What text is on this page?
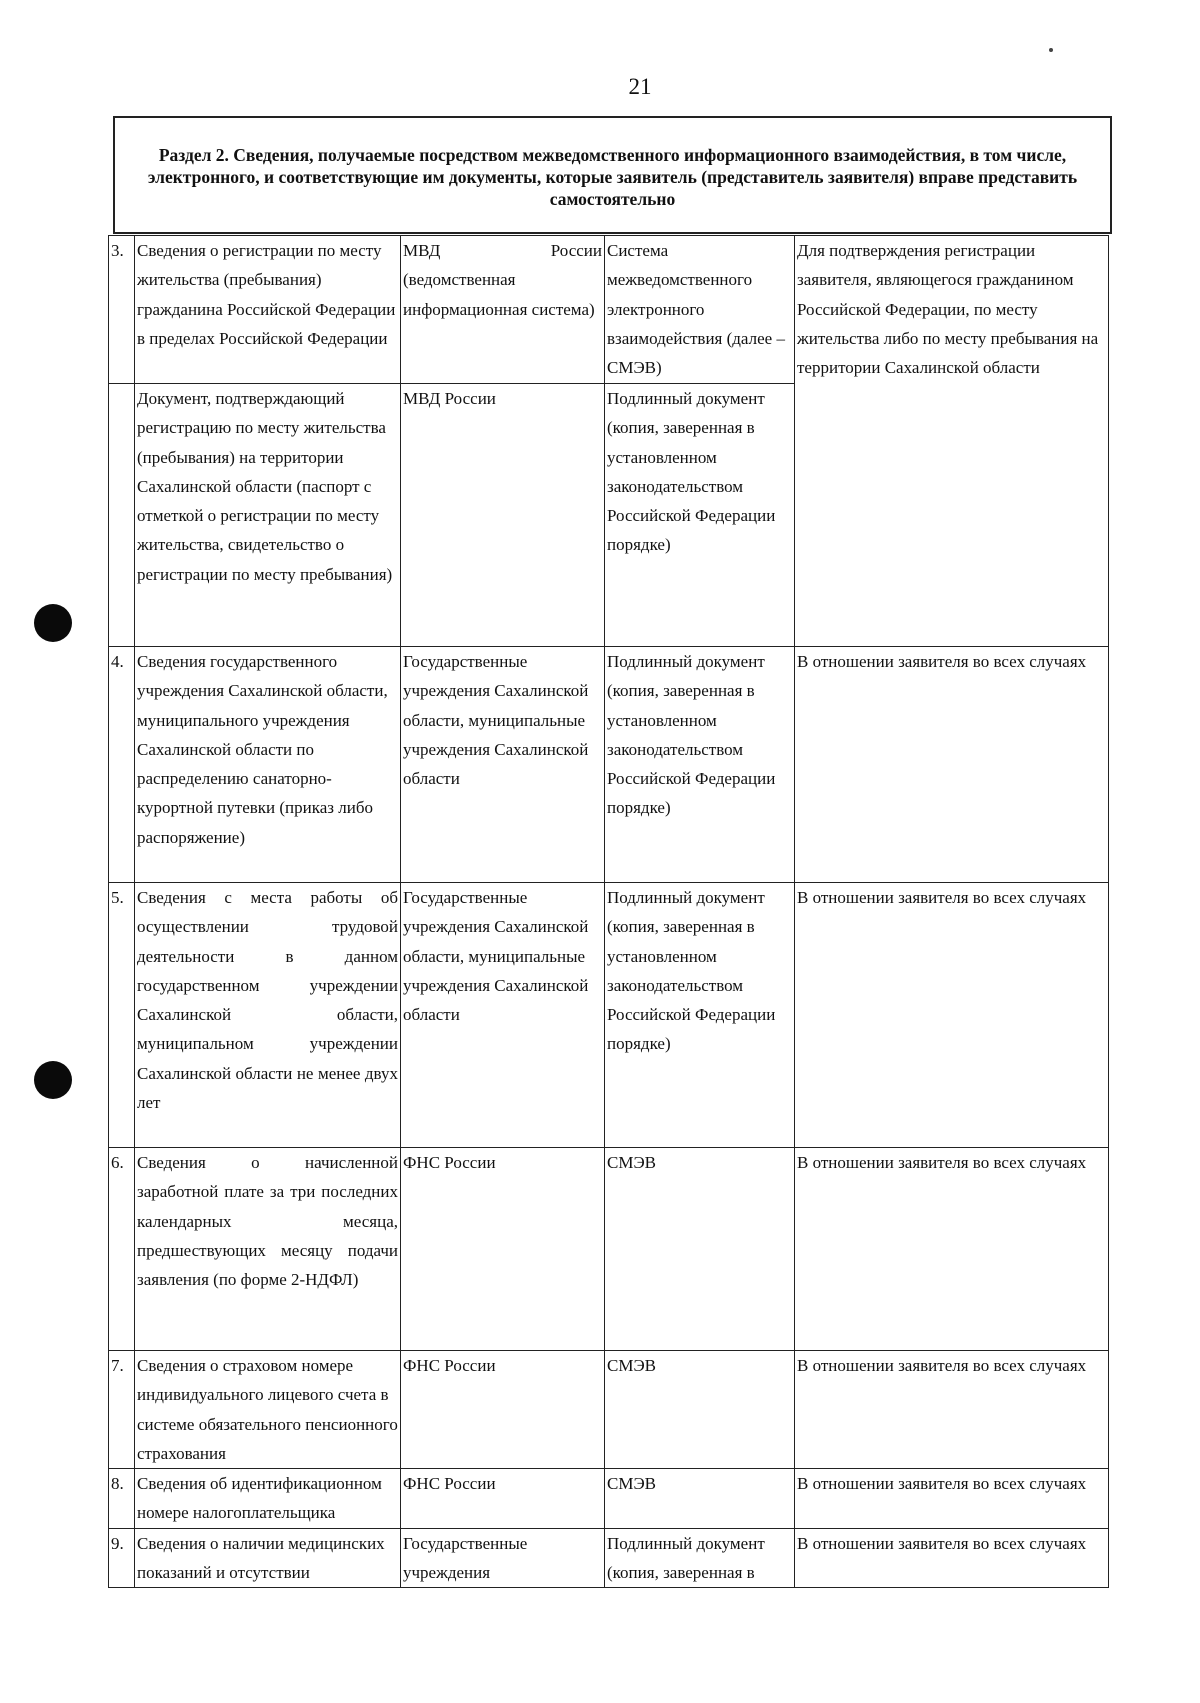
21
Раздел 2. Сведения, получаемые посредством межведомственного информационного взаимодействия, в том числе, электронного, и соответствующие им документы, которые заявитель (представитель заявителя) вправе представить самостоятельно
3.	Сведения о регистрации по месту жительства (пребывания) гражданина Российской Федерации в пределах Российской Федерации	МВД России (ведомственная информационная система)	Система межведомственного электронного взаимодействия (далее – СМЭВ)	Для подтверждения регистрации заявителя, являющегося гражданином Российской Федерации, по месту жительства либо по месту пребывания на территории Сахалинской области
	Документ, подтверждающий регистрацию по месту жительства (пребывания) на территории Сахалинской области (паспорт с отметкой о регистрации по месту жительства, свидетельство о регистрации по месту пребывания)	МВД России	Подлинный документ (копия, заверенная в установленном законодательством Российской Федерации порядке)	
4.	Сведения государственного учреждения Сахалинской области, муниципального учреждения Сахалинской области по распределению санаторно-курортной путевки (приказ либо распоряжение)	Государственные учреждения Сахалинской области, муниципальные учреждения Сахалинской области	Подлинный документ (копия, заверенная в установленном законодательством Российской Федерации порядке)	В отношении заявителя во всех случаях
5.	Сведения с места работы об осуществлении трудовой деятельности в данном государственном учреждении Сахалинской области, муниципальном учреждении Сахалинской области не менее двух лет	Государственные учреждения Сахалинской области, муниципальные учреждения Сахалинской области	Подлинный документ (копия, заверенная в установленном законодательством Российской Федерации порядке)	В отношении заявителя во всех случаях
6.	Сведения о начисленной заработной плате за три последних календарных месяца, предшествующих месяцу подачи заявления (по форме 2-НДФЛ)	ФНС России	СМЭВ	В отношении заявителя во всех случаях
7.	Сведения о страховом номере индивидуального лицевого счета в системе обязательного пенсионного страхования	ФНС России	СМЭВ	В отношении заявителя во всех случаях
8.	Сведения об идентификационном номере налогоплательщика	ФНС России	СМЭВ	В отношении заявителя во всех случаях
9.	Сведения о наличии медицинских показаний и отсутствии	Государственные учреждения	Подлинный документ (копия, заверенная в	В отношении заявителя во всех случаях
